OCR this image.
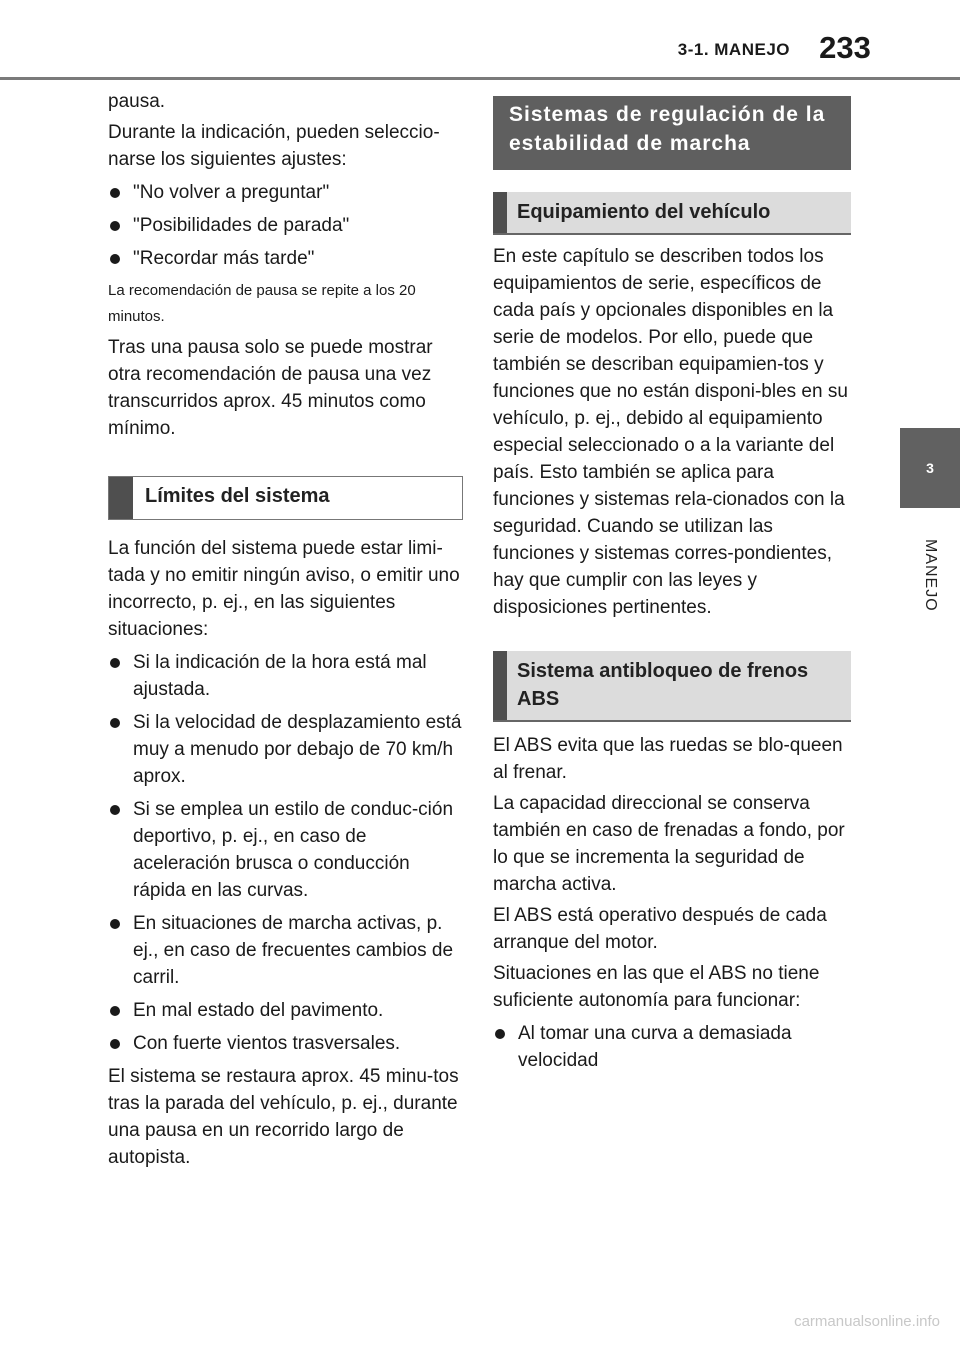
3-1. MANEJO 233
3
MANEJO

pausa.

Durante la indicación, pueden seleccio-narse los siguientes ajustes:

"No volver a preguntar"
"Posibilidades de parada"
"Recordar más tarde"

La recomendación de pausa se repite a los 20 minutos.

Tras una pausa solo se puede mostrar otra recomendación de pausa una vez transcurridos aprox. 45 minutos como mínimo.

Límites del sistema

La función del sistema puede estar limi-tada y no emitir ningún aviso, o emitir uno incorrecto, p. ej., en las siguientes situaciones:

Si la indicación de la hora está mal ajustada.
Si la velocidad de desplazamiento está muy a menudo por debajo de 70 km/h aprox.
Si se emplea un estilo de conduc-ción deportivo, p. ej., en caso de aceleración brusca o conducción rápida en las curvas.
En situaciones de marcha activas, p. ej., en caso de frecuentes cambios de carril.
En mal estado del pavimento.
Con fuerte vientos trasversales.

El sistema se restaura aprox. 45 minu-tos tras la parada del vehículo, p. ej., durante una pausa en un recorrido largo de autopista.

Sistemas de regulación de la estabilidad de marcha
Equipamiento del vehículo

En este capítulo se describen todos los equipamientos de serie, específicos de cada país y opcionales disponibles en la serie de modelos. Por ello, puede que también se describan equipamien-tos y funciones que no están disponi-bles en su vehículo, p. ej., debido al equipamiento especial seleccionado o a la variante del país. Esto también se aplica para funciones y sistemas rela-cionados con la seguridad. Cuando se utilizan las funciones y sistemas corres-pondientes, hay que cumplir con las leyes y disposiciones pertinentes.

Sistema antibloqueo de frenos ABS

El ABS evita que las ruedas se blo-queen al frenar.

La capacidad direccional se conserva también en caso de frenadas a fondo, por lo que se incrementa la seguridad de marcha activa.

El ABS está operativo después de cada arranque del motor.

Situaciones en las que el ABS no tiene suficiente autonomía para funcionar:

Al tomar una curva a demasiada velocidad
carmanualsonline.info
